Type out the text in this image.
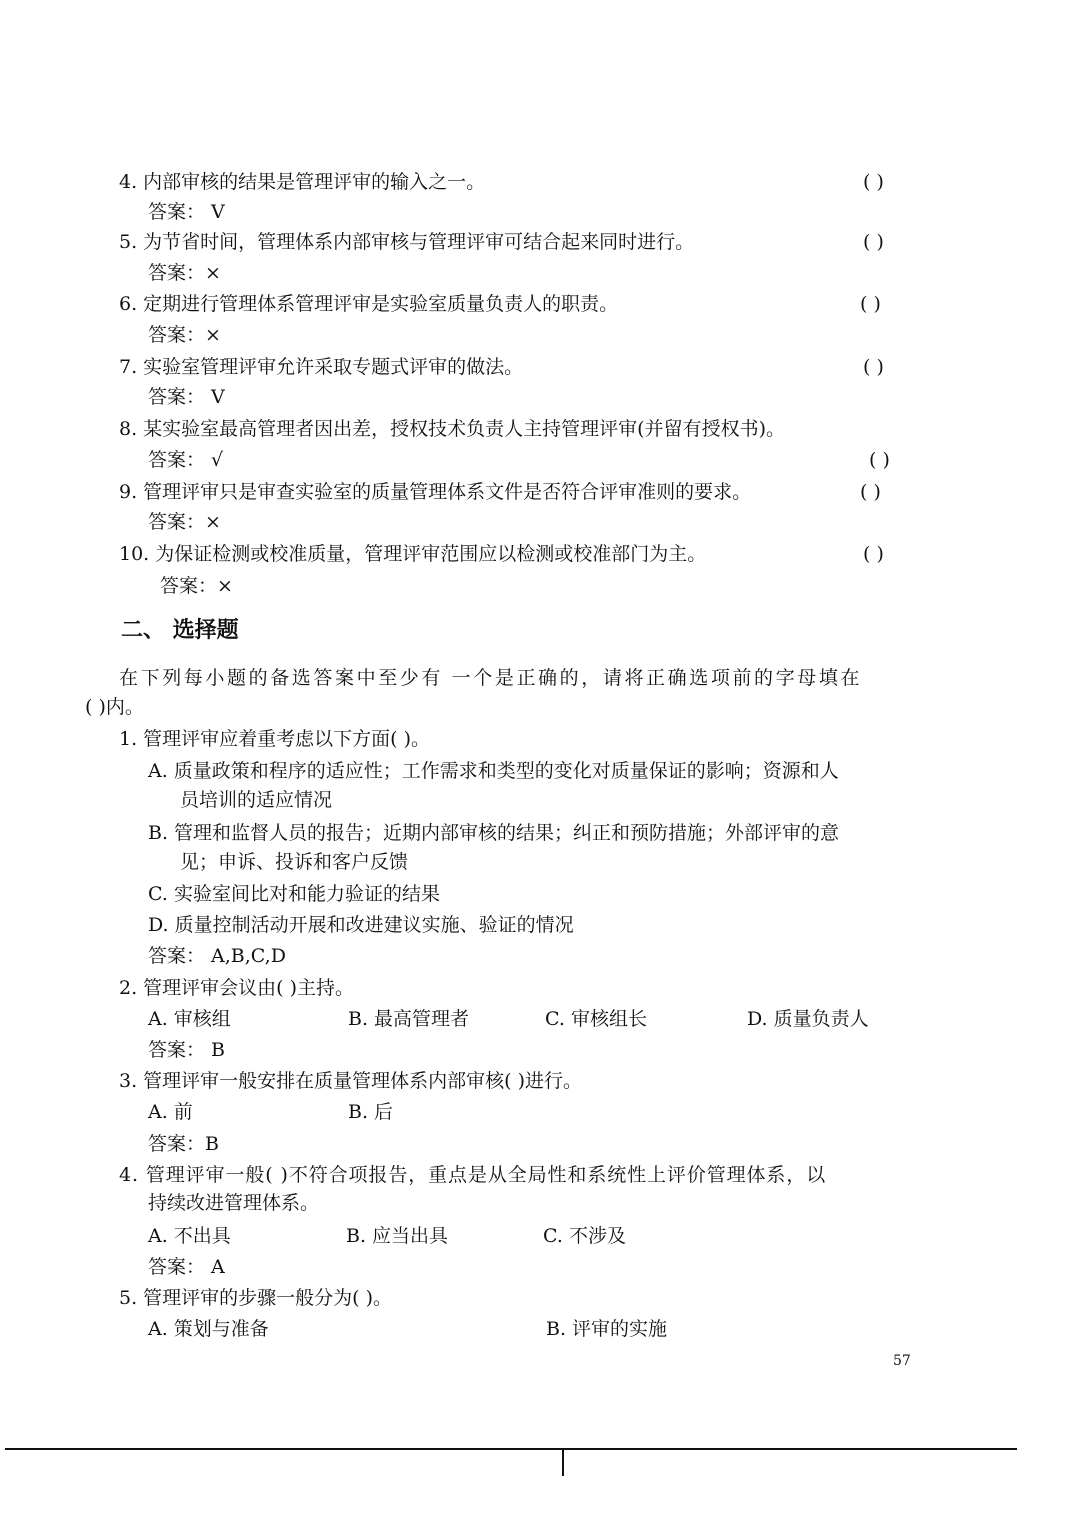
4. 内部审核的结果是管理评审的输入之一。	( )
答案： V
5. 为节省时间，管理体系内部审核与管理评审可结合起来同时进行。	( )
答案：×
6. 定期进行管理体系管理评审是实验室质量负责人的职责。	( )
答案：×
7. 实验室管理评审允许采取专题式评审的做法。	( )
答案： V
8. 某实验室最高管理者因出差，授权技术负责人主持管理评审(并留有授权书)。
答案： √	( )
9. 管理评审只是审查实验室的质量管理体系文件是否符合评审准则的要求。	( )
答案：×
10. 为保证检测或校准质量，管理评审范围应以检测或校准部门为主。	( )
答案：×
二、 选择题
在下列每小题的备选答案中至少有 一个是正确的，请将正确选项前的字母填在
( )内。
1. 管理评审应着重考虑以下方面( )。
A. 质量政策和程序的适应性；工作需求和类型的变化对质量保证的影响；资源和人
员培训的适应情况
B. 管理和监督人员的报告；近期内部审核的结果；纠正和预防措施；外部评审的意
见；申诉、投诉和客户反馈
C. 实验室间比对和能力验证的结果
D. 质量控制活动开展和改进建议实施、验证的情况
答案： A,B,C,D
2. 管理评审会议由( )主持。
A. 审核组	B. 最高管理者	C. 审核组长	D. 质量负责人
答案： B
3. 管理评审一般安排在质量管理体系内部审核( )进行。
A. 前	B. 后
答案：B
4. 管理评审一般( )不符合项报告，重点是从全局性和系统性上评价管理体系，以
持续改进管理体系。
A. 不出具	B. 应当出具	C. 不涉及
答案： A
5. 管理评审的步骤一般分为( )。
A. 策划与准备	B. 评审的实施
57
